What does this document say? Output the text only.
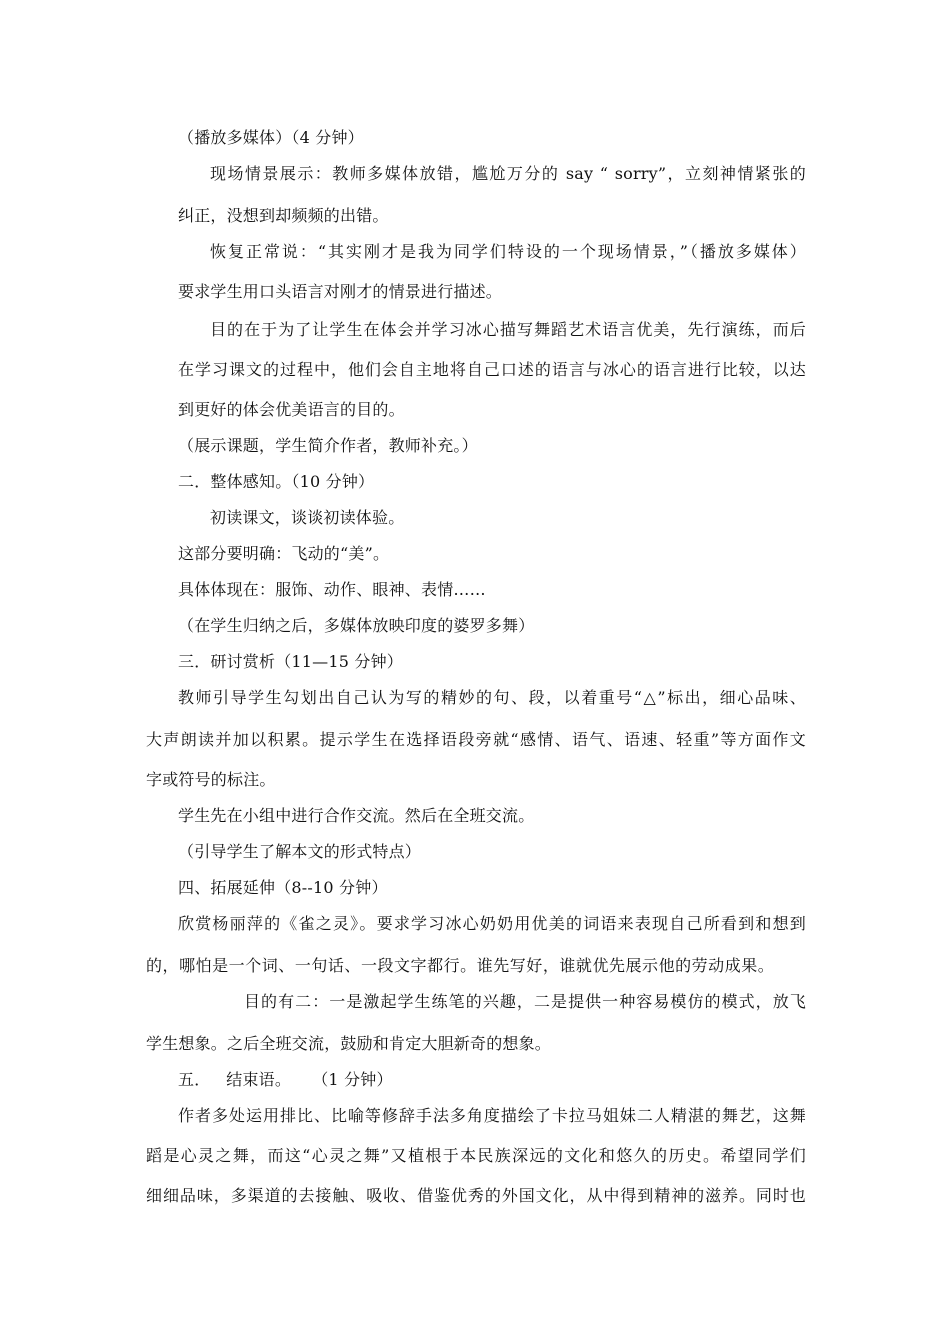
（播放多媒体）（4 分钟）
现场情景展示：教师多媒体放错，尴尬万分的 say “ sorry”，立刻神情紧张的
纠正，没想到却频频的出错。
恢复正常说：“其实刚才是我为同学们特设的一个现场情景，”（播放多媒体）
要求学生用口头语言对刚才的情景进行描述。
目的在于为了让学生在体会并学习冰心描写舞蹈艺术语言优美，先行演练，而后
在学习课文的过程中，他们会自主地将自己口述的语言与冰心的语言进行比较，以达
到更好的体会优美语言的目的。
（展示课题，学生简介作者，教师补充。）
二．整体感知。（10 分钟）
初读课文，谈谈初读体验。
这部分要明确：飞动的“美”。
具体体现在：服饰、动作、眼神、表情……
（在学生归纳之后，多媒体放映印度的婆罗多舞）
三．研讨赏析（11—15 分钟）
教师引导学生勾划出自己认为写的精妙的句、段，以着重号“△”标出，细心品味、
大声朗读并加以积累。提示学生在选择语段旁就“感情、语气、语速、轻重”等方面作文
字或符号的标注。
学生先在小组中进行合作交流。然后在全班交流。
（引导学生了解本文的形式特点）
四、拓展延伸（8--10 分钟）
欣赏杨丽萍的《雀之灵》。要求学习冰心奶奶用优美的词语来表现自己所看到和想到
的，哪怕是一个词、一句话、一段文字都行。谁先写好，谁就优先展示他的劳动成果。
目的有二：一是激起学生练笔的兴趣，二是提供一种容易模仿的模式，放飞
学生想象。之后全班交流，鼓励和肯定大胆新奇的想象。
五．   结束语。    （1 分钟）
作者多处运用排比、比喻等修辞手法多角度描绘了卡拉马姐妹二人精湛的舞艺，这舞
蹈是心灵之舞，而这“心灵之舞”又植根于本民族深远的文化和悠久的历史。希望同学们
细细品味，多渠道的去接触、吸收、借鉴优秀的外国文化，从中得到精神的滋养。同时也
